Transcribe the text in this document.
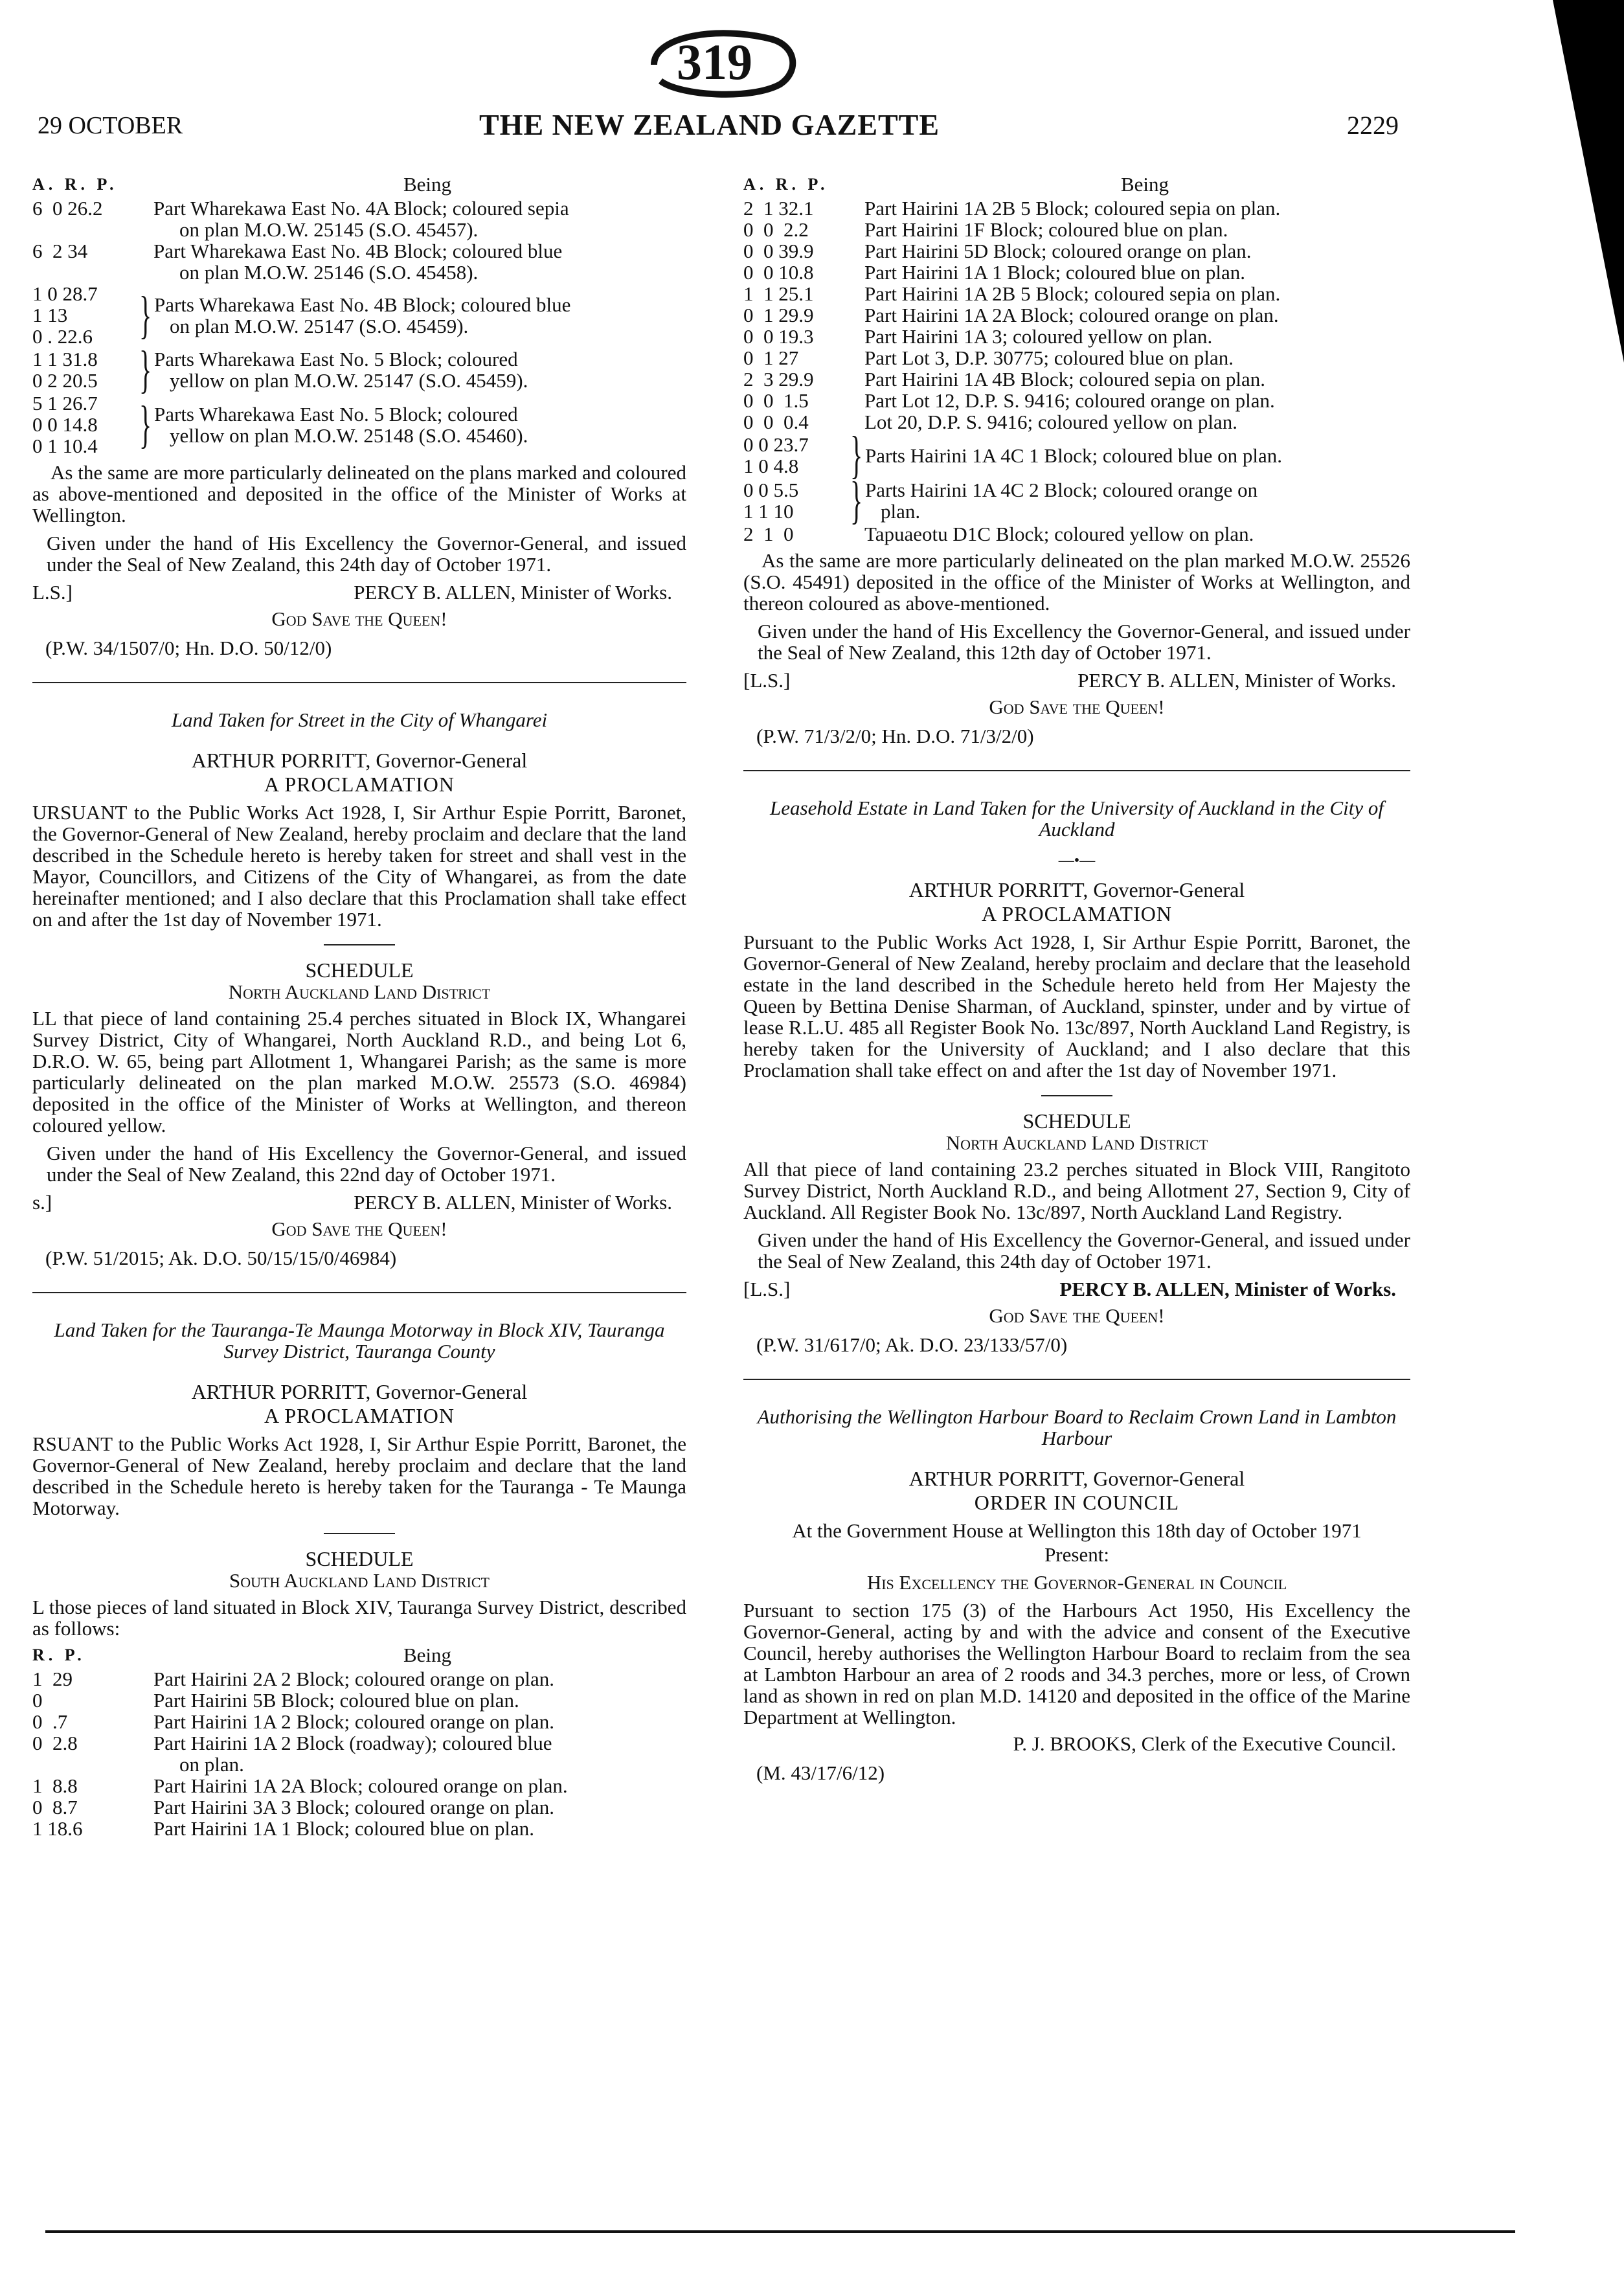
319
29 OCTOBER	THE NEW ZEALAND GAZETTE	2229
A. R. P.	Being
6  0 26.2	Part Wharekawa East No. 4A Block; coloured sepia
on plan M.O.W. 25145 (S.O. 45457).
6  2 34	Part Wharekawa East No. 4B Block; coloured blue
on plan M.O.W. 25146 (S.O. 45458).
1 0 28.7
1 13
0 . 22.6 } Parts Wharekawa East No. 4B Block; coloured blue
on plan M.O.W. 25147 (S.O. 45459).
1 1 31.8
0 2 20.5 } Parts Wharekawa East No. 5 Block; coloured
yellow on plan M.O.W. 25147 (S.O. 45459).
5 1 26.7
0 0 14.8
0 1 10.4 } Parts Wharekawa East No. 5 Block; coloured
yellow on plan M.O.W. 25148 (S.O. 45460).

As the same are more particularly delineated on the plans marked and coloured as above-mentioned and deposited in the office of the Minister of Works at Wellington.

Given under the hand of His Excellency the Governor-General, and issued under the Seal of New Zealand, this 24th day of October 1971.

L.S.]	PERCY B. ALLEN, Minister of Works.
God Save the Queen!
(P.W. 34/1507/0; Hn. D.O. 50/12/0)
Land Taken for Street in the City of Whangarei
ARTHUR PORRITT, Governor-General
A PROCLAMATION

URSUANT to the Public Works Act 1928, I, Sir Arthur Espie Porritt, Baronet, the Governor-General of New Zealand, hereby proclaim and declare that the land described in the Schedule hereto is hereby taken for street and shall vest in the Mayor, Councillors, and Citizens of the City of Whangarei, as from the date hereinafter mentioned; and I also declare that this Proclamation shall take effect on and after the 1st day of November 1971.

SCHEDULE
North Auckland Land District

LL that piece of land containing 25.4 perches situated in Block IX, Whangarei Survey District, City of Whangarei, North Auckland R.D., and being Lot 6, D.R.O. W. 65, being part Allotment 1, Whangarei Parish; as the same is more particularly delineated on the plan marked M.O.W. 25573 (S.O. 46984) deposited in the office of the Minister of Works at Wellington, and thereon coloured yellow.

Given under the hand of His Excellency the Governor-General, and issued under the Seal of New Zealand, this 22nd day of October 1971.

s.]	PERCY B. ALLEN, Minister of Works.
God Save the Queen!
(P.W. 51/2015; Ak. D.O. 50/15/15/0/46984)
Land Taken for the Tauranga-Te Maunga Motorway in Block XIV, Tauranga Survey District, Tauranga County
ARTHUR PORRITT, Governor-General
A PROCLAMATION

RSUANT to the Public Works Act 1928, I, Sir Arthur Espie Porritt, Baronet, the Governor-General of New Zealand, hereby proclaim and declare that the land described in the Schedule hereto is hereby taken for the Tauranga - Te Maunga Motorway.

SCHEDULE
South Auckland Land District

L those pieces of land situated in Block XIV, Tauranga Survey District, described as follows:

R. P.	Being
1  29	Part Hairini 2A 2 Block; coloured orange on plan.
0	Part Hairini 5B Block; coloured blue on plan.
0  .7	Part Hairini 1A 2 Block; coloured orange on plan.
0  2.8	Part Hairini 1A 2 Block (roadway); coloured blue
on plan.
1  8.8	Part Hairini 1A 2A Block; coloured orange on plan.
0  8.7	Part Hairini 3A 3 Block; coloured orange on plan.
1 18.6	Part Hairini 1A 1 Block; coloured blue on plan.
A. R. P.	Being
2  1 32.1	Part Hairini 1A 2B 5 Block; coloured sepia on plan.
0  0  2.2	Part Hairini 1F Block; coloured blue on plan.
0  0 39.9	Part Hairini 5D Block; coloured orange on plan.
0  0 10.8	Part Hairini 1A 1 Block; coloured blue on plan.
1  1 25.1	Part Hairini 1A 2B 5 Block; coloured sepia on plan.
0  1 29.9	Part Hairini 1A 2A Block; coloured orange on plan.
0  0 19.3	Part Hairini 1A 3; coloured yellow on plan.
0  1 27	Part Lot 3, D.P. 30775; coloured blue on plan.
2  3 29.9	Part Hairini 1A 4B Block; coloured sepia on plan.
0  0  1.5	Part Lot 12, D.P. S. 9416; coloured orange on plan.
0  0  0.4	Lot 20, D.P. S. 9416; coloured yellow on plan.
0 0 23.7
1 0 4.8 } Parts Hairini 1A 4C 1 Block; coloured blue on plan.
0 0 5.5
1 1 10	} Parts Hairini 1A 4C 2 Block; coloured orange on
plan.
2  1  0	Tapuaeotu D1C Block; coloured yellow on plan.

As the same are more particularly delineated on the plan marked M.O.W. 25526 (S.O. 45491) deposited in the office of the Minister of Works at Wellington, and thereon coloured as above-mentioned.

Given under the hand of His Excellency the Governor-General, and issued under the Seal of New Zealand, this 12th day of October 1971.

[L.S.]	PERCY B. ALLEN, Minister of Works.
God Save the Queen!
(P.W. 71/3/2/0; Hn. D.O. 71/3/2/0)
Leasehold Estate in Land Taken for the University of Auckland in the City of Auckland
—•—
ARTHUR PORRITT, Governor-General
A PROCLAMATION

Pursuant to the Public Works Act 1928, I, Sir Arthur Espie Porritt, Baronet, the Governor-General of New Zealand, hereby proclaim and declare that the leasehold estate in the land described in the Schedule hereto held from Her Majesty the Queen by Bettina Denise Sharman, of Auckland, spinster, under and by virtue of lease R.L.U. 485 all Register Book No. 13c/897, North Auckland Land Registry, is hereby taken for the University of Auckland; and I also declare that this Proclamation shall take effect on and after the 1st day of November 1971.

SCHEDULE
North Auckland Land District

All that piece of land containing 23.2 perches situated in Block VIII, Rangitoto Survey District, North Auckland R.D., and being Allotment 27, Section 9, City of Auckland. All Register Book No. 13c/897, North Auckland Land Registry.

Given under the hand of His Excellency the Governor-General, and issued under the Seal of New Zealand, this 24th day of October 1971.

[L.S.]	PERCY B. ALLEN, Minister of Works.
God Save the Queen!
(P.W. 31/617/0; Ak. D.O. 23/133/57/0)
Authorising the Wellington Harbour Board to Reclaim Crown Land in Lambton Harbour
ARTHUR PORRITT, Governor-General
ORDER IN COUNCIL
At the Government House at Wellington this 18th day of October 1971
Present:
His Excellency the Governor-General in Council

Pursuant to section 175 (3) of the Harbours Act 1950, His Excellency the Governor-General, acting by and with the advice and consent of the Executive Council, hereby authorises the Wellington Harbour Board to reclaim from the sea at Lambton Harbour an area of 2 roods and 34.3 perches, more or less, of Crown land as shown in red on plan M.D. 14120 and deposited in the office of the Marine Department at Wellington.

P. J. BROOKS, Clerk of the Executive Council.
(M. 43/17/6/12)
